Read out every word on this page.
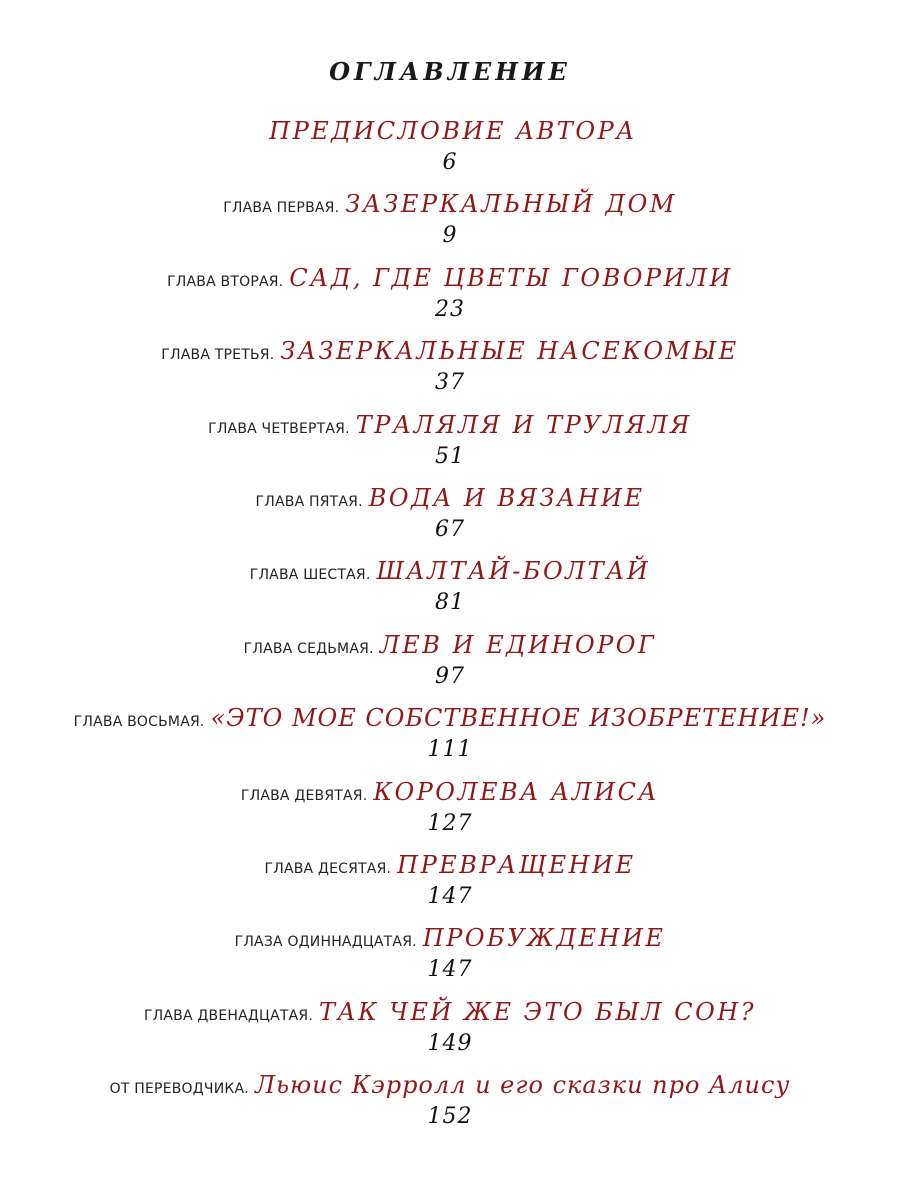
ОГЛАВЛЕНИЕ
ПРЕДИСЛОВИЕ АВТОРА
6
ГЛАВА ПЕРВАЯ. ЗАЗЕРКАЛЬНЫЙ ДОМ
9
ГЛАВА ВТОРАЯ. САД, ГДЕ ЦВЕТЫ ГОВОРИЛИ
23
ГЛАВА ТРЕТЬЯ. ЗАЗЕРКАЛЬНЫЕ НАСЕКОМЫЕ
37
ГЛАВА ЧЕТВЕРТАЯ. ТРАЛЯЛЯ И ТРУЛЯЛЯ
51
ГЛАВА ПЯТАЯ. ВОДА И ВЯЗАНИЕ
67
ГЛАВА ШЕСТАЯ. ШАЛТАЙ-БОЛТАЙ
81
ГЛАВА СЕДЬМАЯ. ЛЕВ И ЕДИНОРОГ
97
ГЛАВА ВОСЬМАЯ. «ЭТО МОЕ СОБСТВЕННОЕ ИЗОБРЕТЕНИЕ!»
111
ГЛАВА ДЕВЯТАЯ. КОРОЛЕВА АЛИСА
127
ГЛАВА ДЕСЯТАЯ. ПРЕВРАЩЕНИЕ
147
ГЛАЗА ОДИННАДЦАТАЯ. ПРОБУЖДЕНИЕ
147
ГЛАВА ДВЕНАДЦАТАЯ. ТАК ЧЕЙ ЖЕ ЭТО БЫЛ СОН?
149
ОТ ПЕРЕВОДЧИКА. Льюис Кэрролл и его сказки про Алису
152
